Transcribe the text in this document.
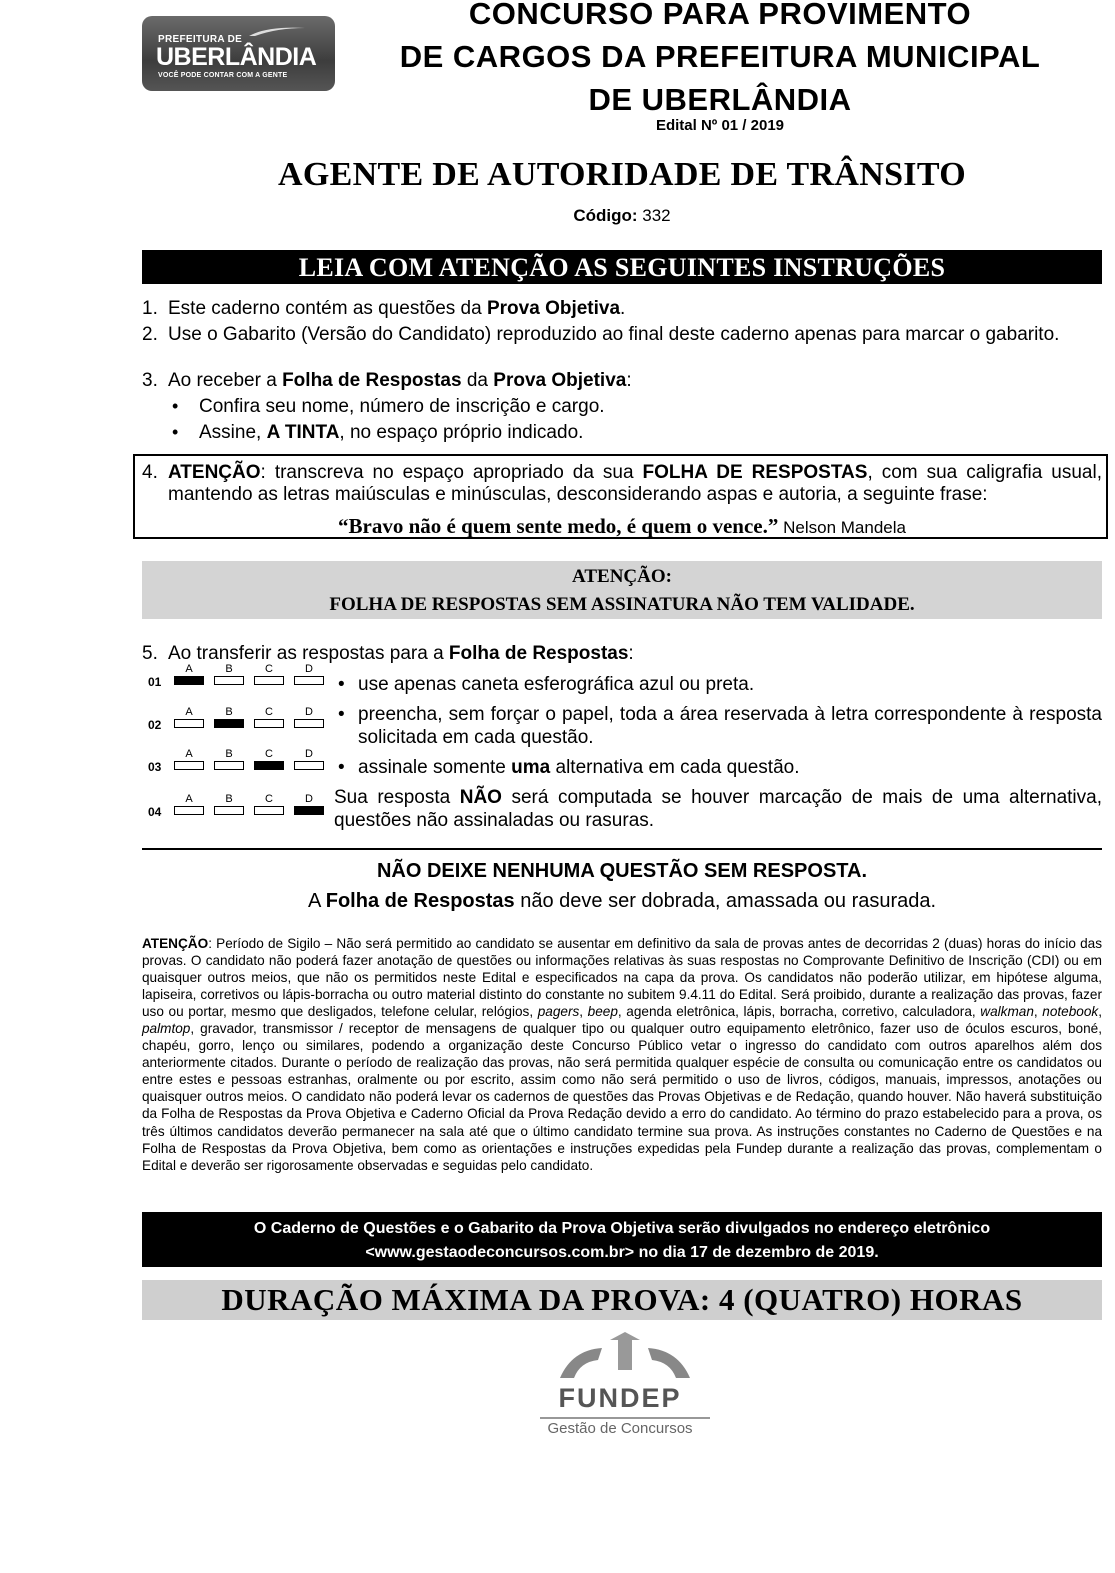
PREFEITURA DE
UBERLÂNDIA
VOCÊ PODE CONTAR COM A GENTE
CONCURSO PARA PROVIMENTO
DE CARGOS DA PREFEITURA MUNICIPAL
DE UBERLÂNDIA
Edital Nº 01 / 2019
AGENTE DE AUTORIDADE DE TRÂNSITO
Código: 332
LEIA COM ATENÇÃO AS SEGUINTES INSTRUÇÕES
1. Este caderno contém as questões da Prova Objetiva.
2. Use o Gabarito (Versão do Candidato) reproduzido ao final deste caderno apenas para marcar o gabarito.
3. Ao receber a Folha de Respostas da Prova Objetiva:
• Confira seu nome, número de inscrição e cargo.
• Assine, A TINTA, no espaço próprio indicado.
4. ATENÇÃO: transcreva no espaço apropriado da sua FOLHA DE RESPOSTAS, com sua caligrafia usual, mantendo as letras maiúsculas e minúsculas, desconsiderando aspas e autoria, a seguinte frase:
“Bravo não é quem sente medo, é quem o vence.” Nelson Mandela
ATENÇÃO:
FOLHA DE RESPOSTAS SEM ASSINATURA NÃO TEM VALIDADE.
5. Ao transferir as respostas para a Folha de Respostas:
01
A	B	C	D
02
A	B	C	D
03
A	B	C	D
04
A	B	C	D
• use apenas caneta esferográfica azul ou preta.
• preencha, sem forçar o papel, toda a área reservada à letra correspondente à resposta solicitada em cada questão.
• assinale somente uma alternativa em cada questão.
Sua resposta NÃO será computada se houver marcação de mais de uma alternativa, questões não assinaladas ou rasuras.
NÃO DEIXE NENHUMA QUESTÃO SEM RESPOSTA.
A Folha de Respostas não deve ser dobrada, amassada ou rasurada.
ATENÇÃO: Período de Sigilo – Não será permitido ao candidato se ausentar em definitivo da sala de provas antes de decorridas 2 (duas) horas do início das provas. O candidato não poderá fazer anotação de questões ou informações relativas às suas respostas no Comprovante Definitivo de Inscrição (CDI) ou em quaisquer outros meios, que não os permitidos neste Edital e especificados na capa da prova. Os candidatos não poderão utilizar, em hipótese alguma, lapiseira, corretivos ou lápis-borracha ou outro material distinto do constante no subitem 9.4.11 do Edital. Será proibido, durante a realização das provas, fazer uso ou portar, mesmo que desligados, telefone celular, relógios, pagers, beep, agenda eletrônica, lápis, borracha, corretivo, calculadora, walkman, notebook, palmtop, gravador, transmissor / receptor de mensagens de qualquer tipo ou qualquer outro equipamento eletrônico, fazer uso de óculos escuros, boné, chapéu, gorro, lenço ou similares, podendo a organização deste Concurso Público vetar o ingresso do candidato com outros aparelhos além dos anteriormente citados. Durante o período de realização das provas, não será permitida qualquer espécie de consulta ou comunicação entre os candidatos ou entre estes e pessoas estranhas, oralmente ou por escrito, assim como não será permitido o uso de livros, códigos, manuais, impressos, anotações ou quaisquer outros meios. O candidato não poderá levar os cadernos de questões das Provas Objetivas e de Redação, quando houver. Não haverá substituição da Folha de Respostas da Prova Objetiva e Caderno Oficial da Prova Redação devido a erro do candidato. Ao término do prazo estabelecido para a prova, os três últimos candidatos deverão permanecer na sala até que o último candidato termine sua prova. As instruções constantes no Caderno de Questões e na Folha de Respostas da Prova Objetiva, bem como as orientações e instruções expedidas pela Fundep durante a realização das provas, complementam o Edital e deverão ser rigorosamente observadas e seguidas pelo candidato.
O Caderno de Questões e o Gabarito da Prova Objetiva serão divulgados no endereço eletrônico
<www.gestaodeconcursos.com.br> no dia 17 de dezembro de 2019.
DURAÇÃO MÁXIMA DA PROVA: 4 (QUATRO) HORAS
FUNDEP
Gestão de Concursos
